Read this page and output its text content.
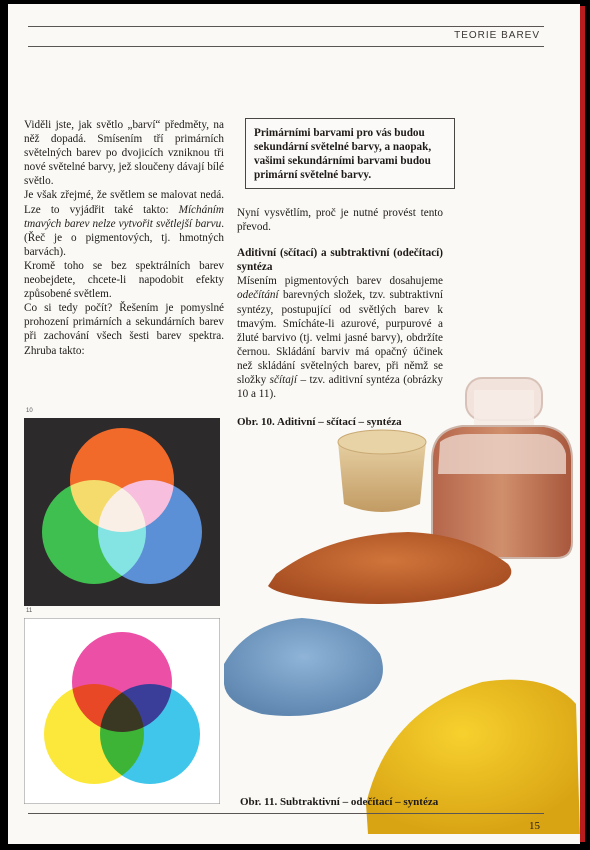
TEORIE BAREV

Viděli jste, jak světlo „barví“ předměty, na něž dopadá. Smísením tří primárních světelných barev po dvojicích vzniknou tři nové světelné barvy, jež sloučeny dávají bílé světlo.

Je však zřejmé, že světlem se malovat nedá. Lze to vyjádřit také takto: Mícháním tmavých barev nelze vytvořit světlejší barvu. (Řeč je o pigmentových, tj. hmotných barvách).

Kromě toho se bez spektrálních barev neobejdete, chcete-li napodobit efekty způsobené světlem.

Co si tedy počít? Řešením je pomyslné prohození primárních a sekundárních barev při zachování všech šesti barev spektra. Zhruba takto:

Primárními barvami pro vás budou sekundární světelné barvy, a naopak, vašimi sekundárními barvami budou primární světelné barvy.

Nyní vysvětlím, proč je nutné provést tento převod.

Aditivní (sčítací) a subtraktivní (odečítací) syntéza

Mísením pigmentových barev dosahujeme odečítání barevných složek, tzv. subtraktivní syntézy, postupující od světlých barev k tmavým. Smícháte-li azurové, purpurové a žluté barvivo (tj. velmi jasné barvy), obdržíte černou. Skládání barviv má opačný účinek než skládání světelných barev, při němž se složky sčítají – tzv. aditivní syntéza (obrázky 10 a 11).

Obr. 10. Aditivní – sčítací – syntéza
10
11
Obr. 11. Subtraktivní – odečítací – syntéza
15
